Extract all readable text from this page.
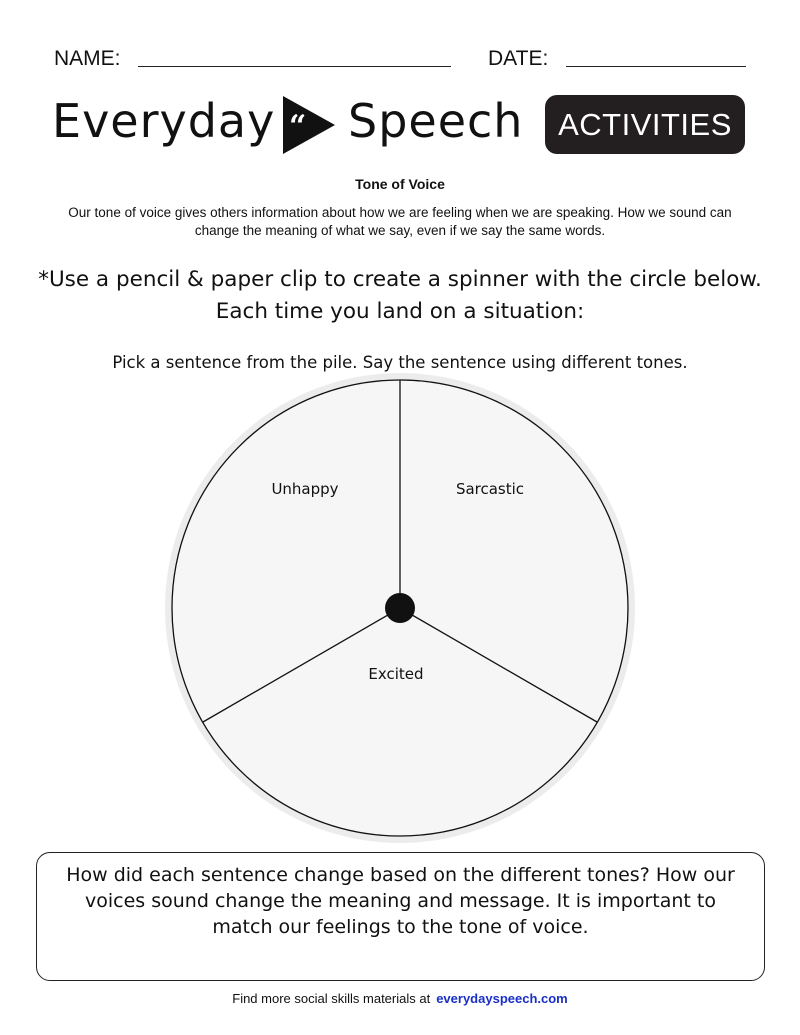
NAME:	DATE:
Everyday “ Speech	ACTIVITIES
Tone of Voice
Our tone of voice gives others information about how we are feeling when we are speaking. How we sound can change the meaning of what we say, even if we say the same words.
*Use a pencil & paper clip to create a spinner with the circle below.
Each time you land on a situation:
Pick a sentence from the pile. Say the sentence using different tones.
Unhappy	Sarcastic
Excited
How did each sentence change based on the different tones? How our voices sound change the meaning and message. It is important to match our feelings to the tone of voice.
Find more social skills materials at everydayspeech.com
